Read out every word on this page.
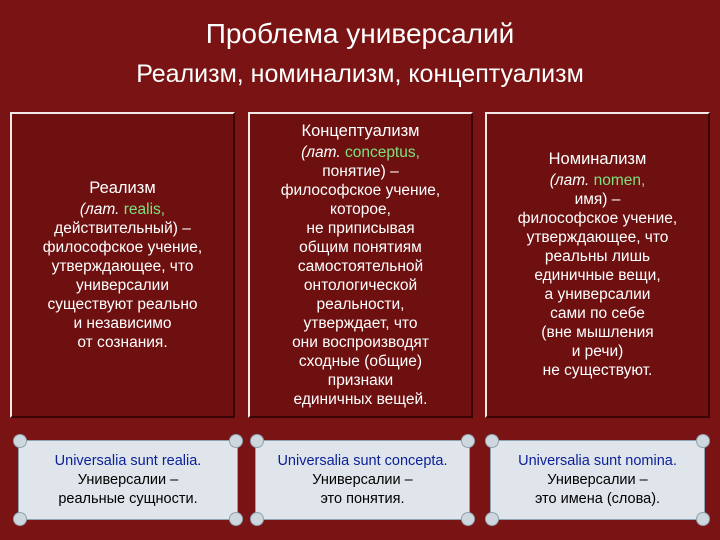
Проблема универсалий
Реализм, номинализм, концептуализм
Реализм
(лат. realis,
действительный) –
философское учение,
утверждающее, что
универсалии
существуют реально
и независимо
от сознания.
Концептуализм
(лат. conceptus,
понятие) –
философское учение,
которое,
не приписывая
общим понятиям
самостоятельной
онтологической
реальности,
утверждает, что
они воспроизводят
сходные (общие)
признаки
единичных вещей.
Номинализм
(лат. nomen,
имя) –
философское учение,
утверждающее, что
реальны лишь
единичные вещи,
а универсалии
сами по себе
(вне мышления
и речи)
не существуют.
Universalia sunt realia.
Универсалии –
реальные сущности.
Universalia sunt concepta.
Универсалии –
это понятия.
Universalia sunt nomina.
Универсалии –
это имена (слова).
